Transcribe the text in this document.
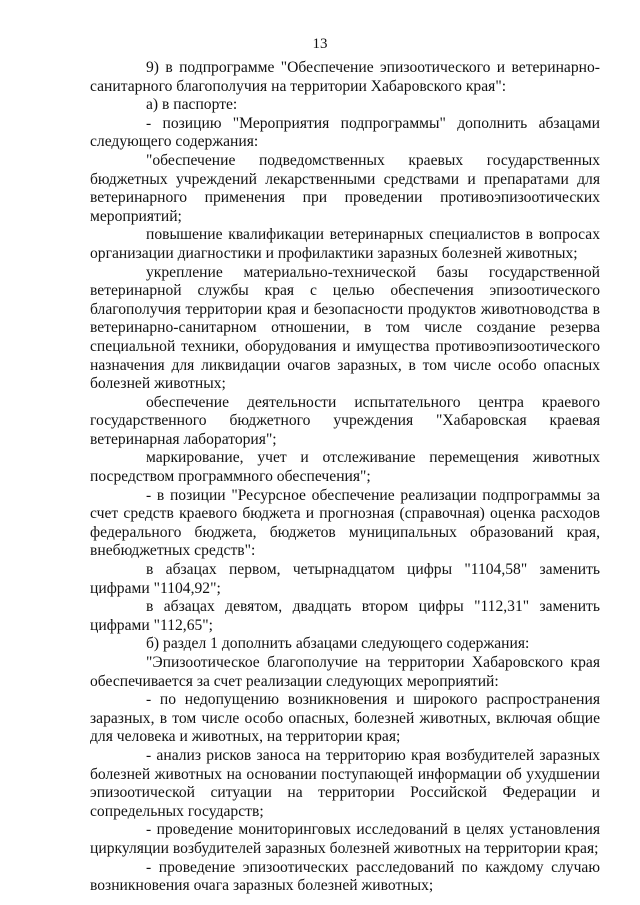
13

9) в подпрограмме "Обеспечение эпизоотического и ветеринарно-санитарного благополучия на территории Хабаровского края":

а) в паспорте:

- позицию "Мероприятия подпрограммы" дополнить абзацами следующего содержания:

"обеспечение подведомственных краевых государственных бюджетных учреждений лекарственными средствами и препаратами для ветеринарного применения при проведении противоэпизоотических мероприятий;

повышение квалификации ветеринарных специалистов в вопросах организации диагностики и профилактики заразных болезней животных;

укрепление материально-технической базы государственной ветеринарной службы края с целью обеспечения эпизоотического благополучия территории края и безопасности продуктов животноводства в ветеринарно-санитарном отношении, в том числе создание резерва специальной техники, оборудования и имущества противоэпизоотического назначения для ликвидации очагов заразных, в том числе особо опасных болезней животных;

обеспечение деятельности испытательного центра краевого государственного бюджетного учреждения "Хабаровская краевая ветеринарная лаборатория";

маркирование, учет и отслеживание перемещения животных посредством программного обеспечения";

- в позиции "Ресурсное обеспечение реализации подпрограммы за счет средств краевого бюджета и прогнозная (справочная) оценка расходов федерального бюджета, бюджетов муниципальных образований края, внебюджетных средств":

в абзацах первом, четырнадцатом цифры "1104,58" заменить цифрами "1104,92";

в абзацах девятом, двадцать втором цифры "112,31" заменить цифрами "112,65";

б) раздел 1 дополнить абзацами следующего содержания:

"Эпизоотическое благополучие на территории Хабаровского края обеспечивается за счет реализации следующих мероприятий:

- по недопущению возникновения и широкого распространения заразных, в том числе особо опасных, болезней животных, включая общие для человека и животных, на территории края;

- анализ рисков заноса на территорию края возбудителей заразных болезней животных на основании поступающей информации об ухудшении эпизоотической ситуации на территории Российской Федерации и сопредельных государств;

- проведение мониторинговых исследований в целях установления циркуляции возбудителей заразных болезней животных на территории края;

- проведение эпизоотических расследований по каждому случаю возникновения очага заразных болезней животных;
